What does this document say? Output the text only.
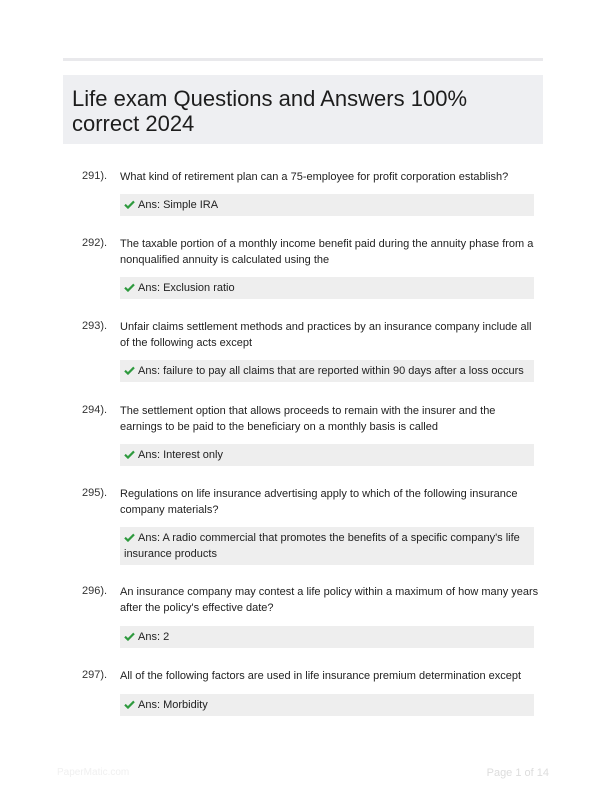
Life exam Questions and Answers 100% correct 2024
291). What kind of retirement plan can a 75-employee for profit corporation establish?
Ans: Simple IRA
292). The taxable portion of a monthly income benefit paid during the annuity phase from a nonqualified annuity is calculated using the
Ans: Exclusion ratio
293). Unfair claims settlement methods and practices by an insurance company include all of the following acts except
Ans: failure to pay all claims that are reported within 90 days after a loss occurs
294). The settlement option that allows proceeds to remain with the insurer and the earnings to be paid to the beneficiary on a monthly basis is called
Ans: Interest only
295). Regulations on life insurance advertising apply to which of the following insurance company materials?
Ans: A radio commercial that promotes the benefits of a specific company's life insurance products
296). An insurance company may contest a life policy within a maximum of how many years after the policy's effective date?
Ans: 2
297). All of the following factors are used in life insurance premium determination except
Ans: Morbidity
PaperMatic.com	Page 1 of 14
